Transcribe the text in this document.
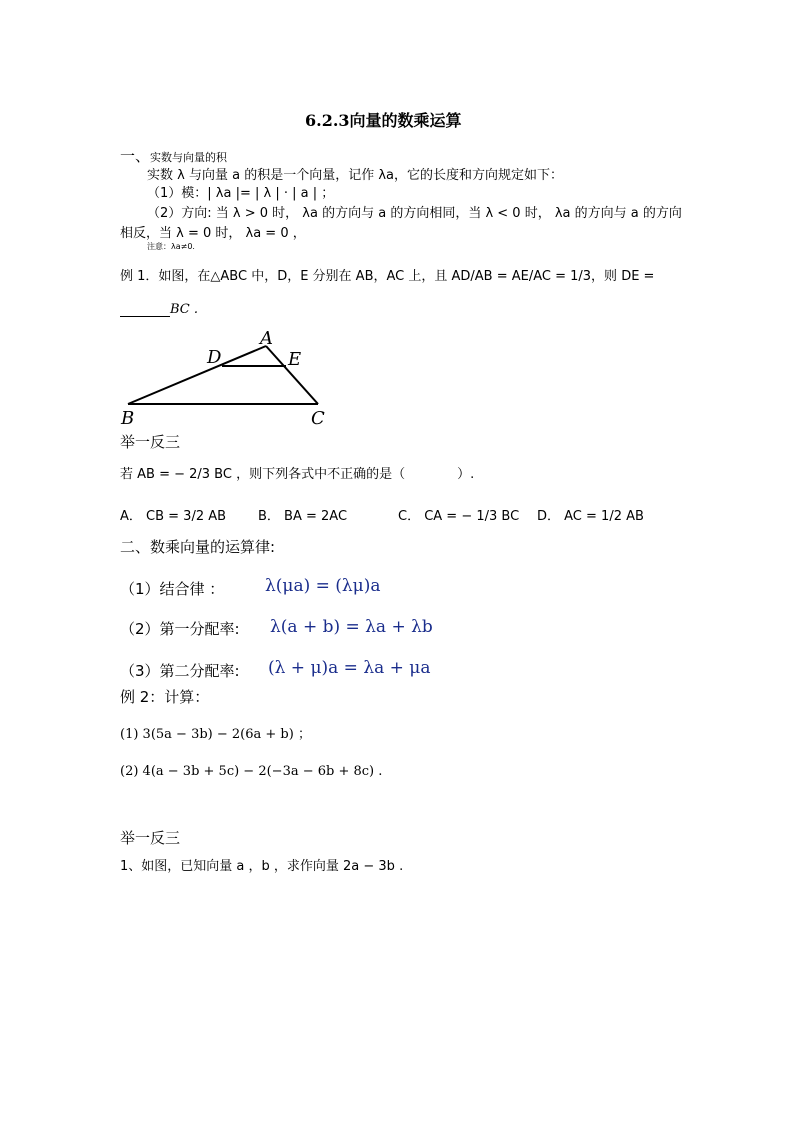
6.2.3向量的数乘运算
一、实数与向量的积
实数 λ 与向量 a 的积是一个向量，记作 λa，它的长度和方向规定如下：
（1）模：| λa |= | λ | · | a | ；
（2）方向: 当 λ > 0 时， λa 的方向与 a 的方向相同，当 λ < 0 时， λa 的方向与 a 的方向
相反，当 λ = 0 时， λa = 0 ，
注意：λa≠0.
例 1．如图，在△ABC 中，D，E 分别在 AB，AC 上，且 AD/AB = AE/AC = 1/3，则 DE =
BC .
A
B	C
D	E
举一反三
若 AB = − 2/3 BC ，则下列各式中不正确的是（　　　　）.
A． CB = 3/2 AB B． BA = 2AC	C． CA = − 1/3 BC D． AC = 1/2 AB
二、数乘向量的运算律:
（1）结合律 ： λ(μa) = (λμ)a
（2）第一分配率: λ(a + b) = λa + λb
（3）第二分配率: (λ + μ)a = λa + μa
例 2：计算：
(1) 3(5a − 3b) − 2(6a + b) ；
(2) 4(a − 3b + 5c) − 2(−3a − 6b + 8c) .
举一反三
1、如图，已知向量 a ，b ，求作向量 2a − 3b .
